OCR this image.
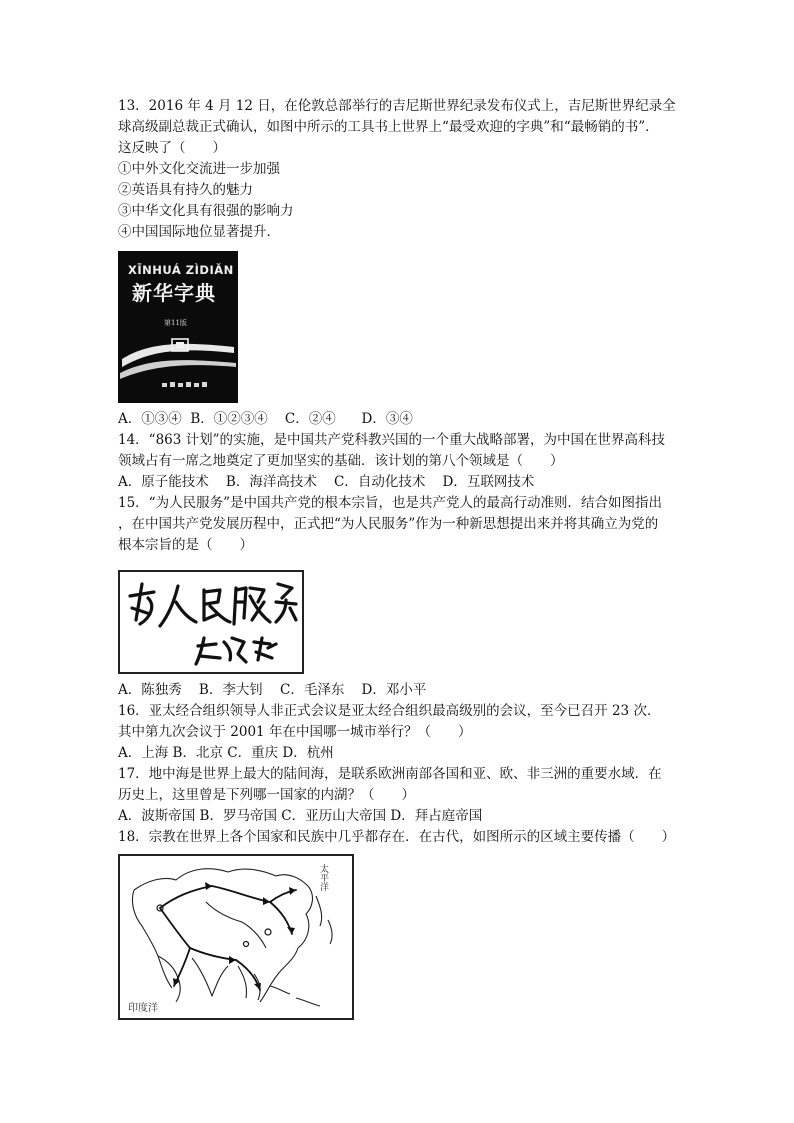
13．2016 年 4 月 12 日，在伦敦总部举行的吉尼斯世界纪录发布仪式上，吉尼斯世界纪录全
球高级副总裁正式确认，如图中所示的工具书上世界上“最受欢迎的字典”和“最畅销的书”．
这反映了（　　）
①中外文化交流进一步加强
②英语具有持久的魅力
③中华文化具有很强的影响力
④中国国际地位显著提升．
XĪNHUÁ ZÌDIǍN
新华字典
第11版
A．①③④  B．①②③④    C．②④      D．③④
14．“863 计划”的实施，是中国共产党科教兴国的一个重大战略部署，为中国在世界高科技
领域占有一席之地奠定了更加坚实的基础．该计划的第八个领域是（　　）
A．原子能技术    B．海洋高技术    C．自动化技术    D．互联网技术
15．“为人民服务”是中国共产党的根本宗旨，也是共产党人的最高行动准则．结合如图指出
，在中国共产党发展历程中，正式把“为人民服务”作为一种新思想提出来并将其确立为党的
根本宗旨的是（　　）
A．陈独秀    B．李大钊    C．毛泽东    D．邓小平
16．亚太经合组织领导人非正式会议是亚太经合组织最高级别的会议，至今已召开 23 次．
其中第九次会议于 2001 年在中国哪一城市举行？（　　）
A．上海 B．北京 C．重庆 D．杭州
17．地中海是世界上最大的陆间海，是联系欧洲南部各国和亚、欧、非三洲的重要水域．在
历史上，这里曾是下列哪一国家的内湖？（　　）
A．波斯帝国 B．罗马帝国 C．亚历山大帝国 D．拜占庭帝国
18．宗教在世界上各个国家和民族中几乎都存在．在古代，如图所示的区域主要传播（　　）
太平洋
印度洋
